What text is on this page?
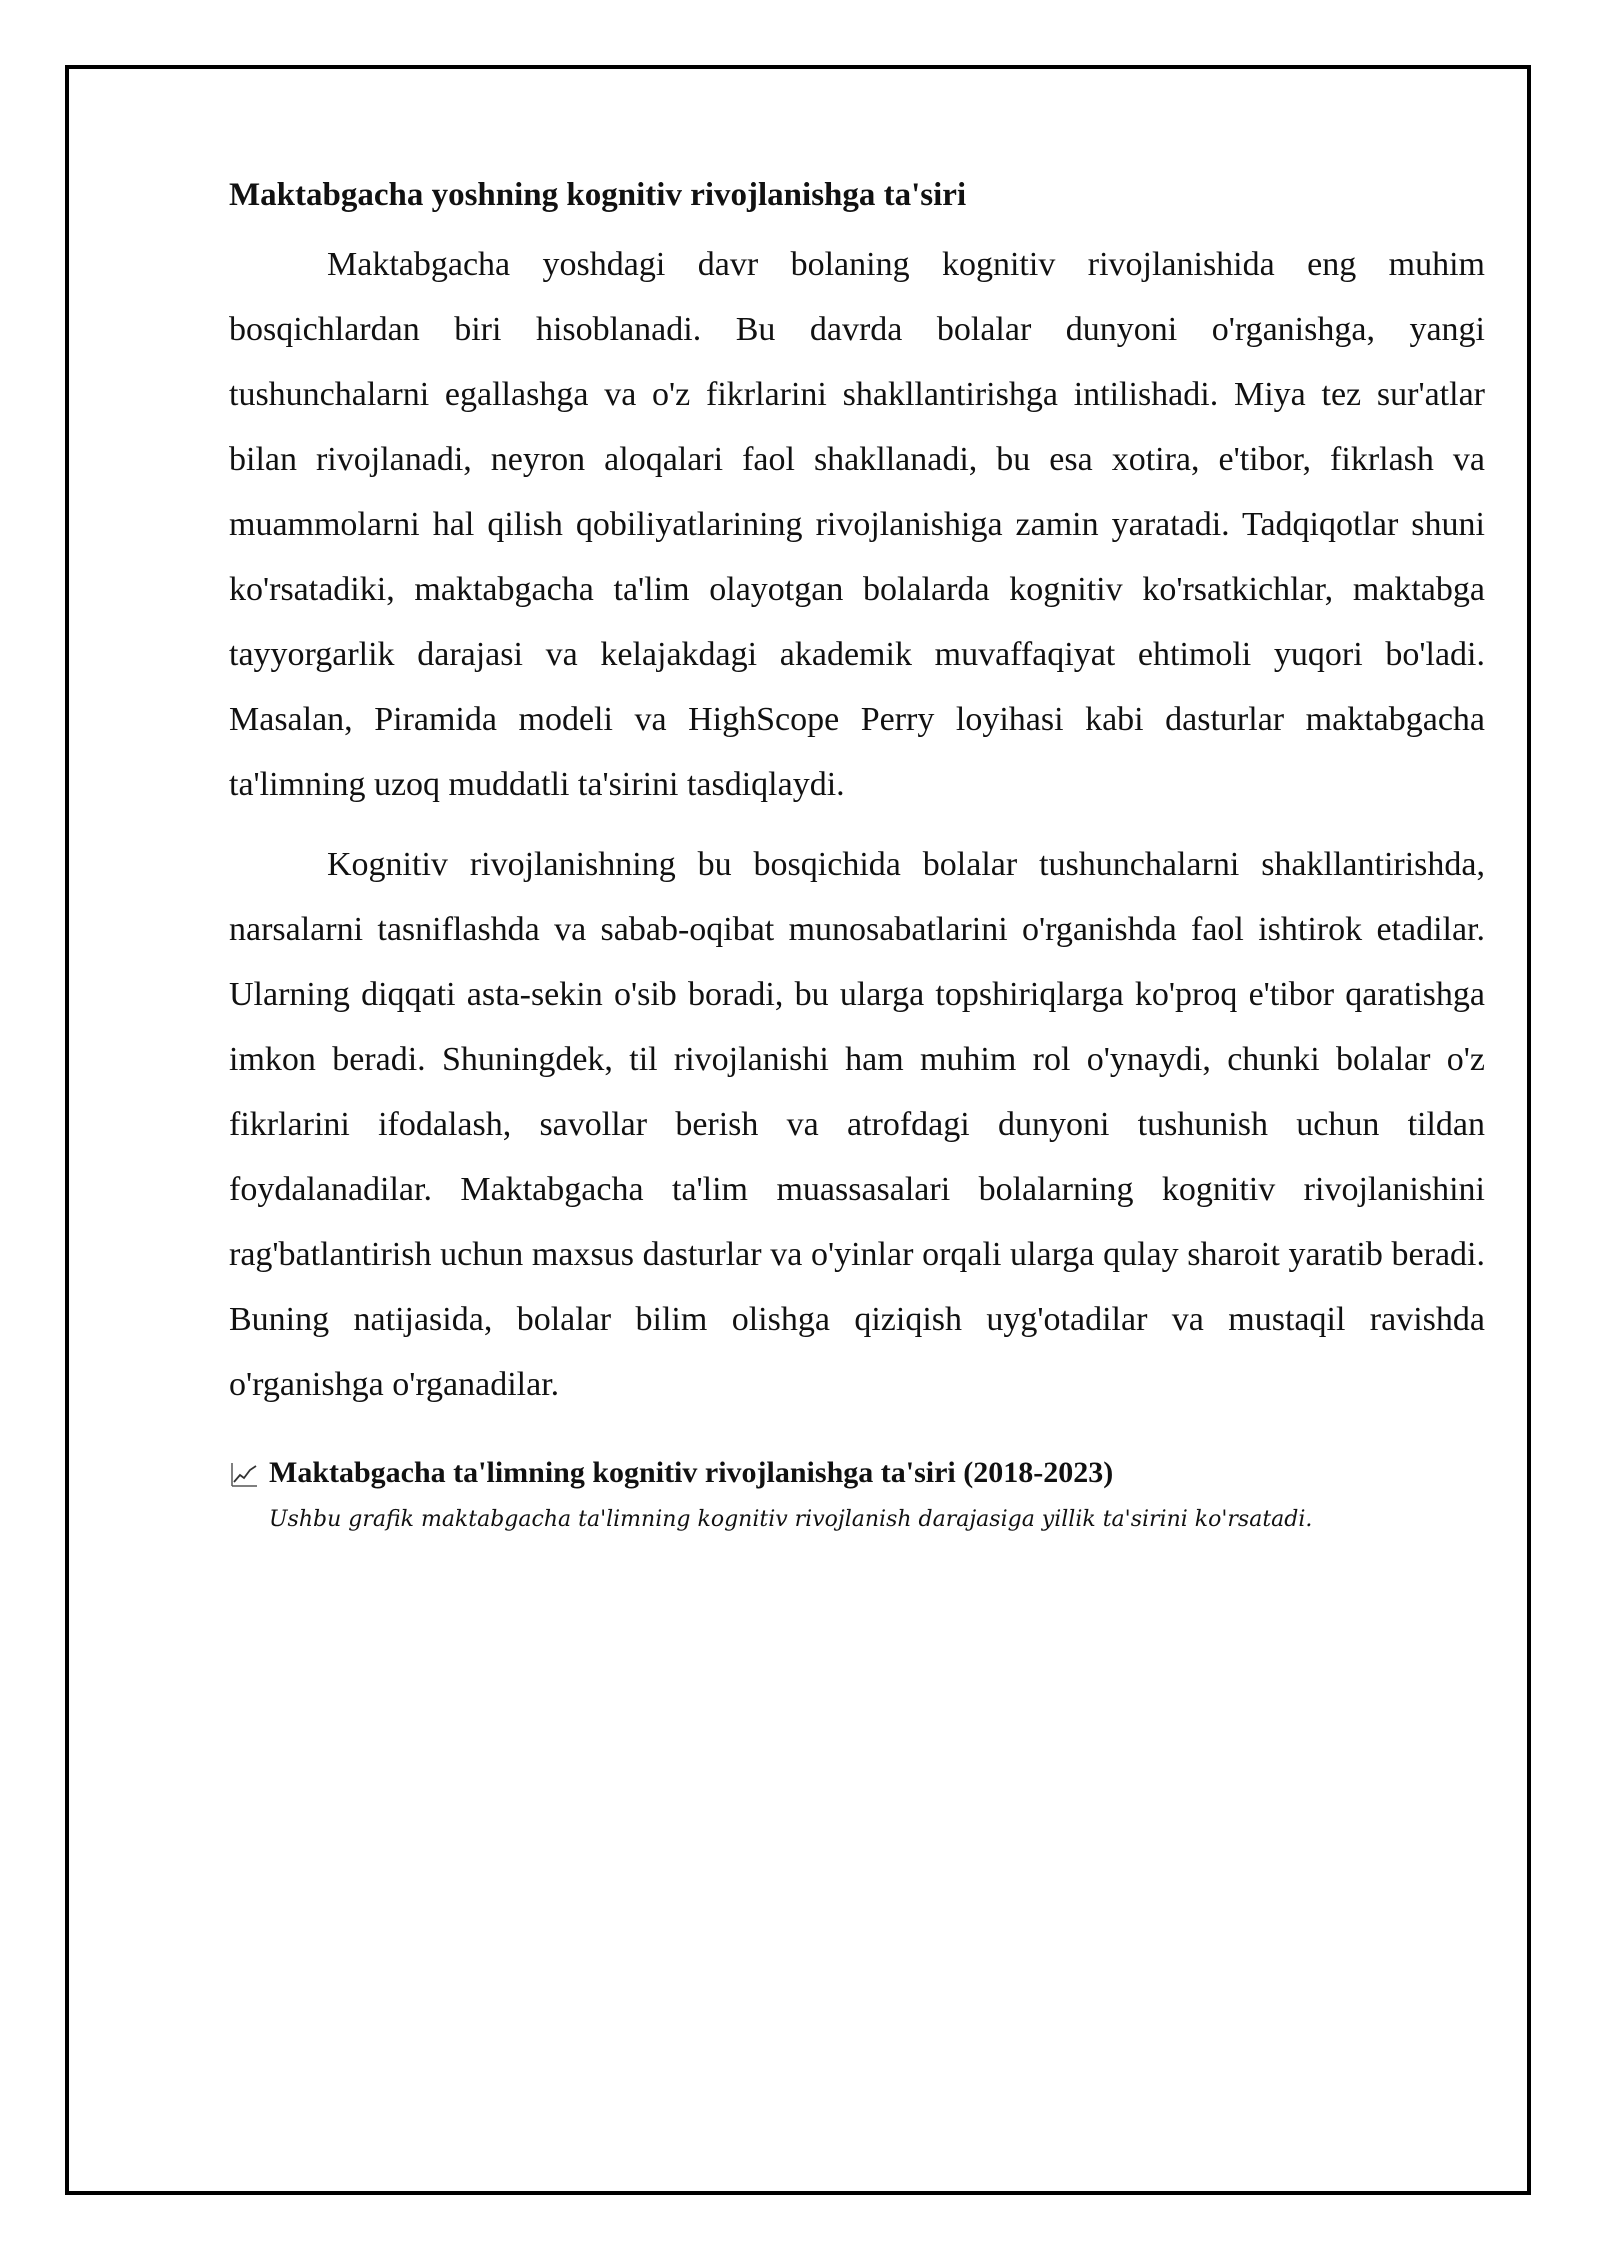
Maktabgacha yoshning kognitiv rivojlanishga ta'siri

Maktabgacha yoshdagi davr bolaning kognitiv rivojlanishida eng muhim bosqichlardan biri hisoblanadi. Bu davrda bolalar dunyoni o'rganishga, yangi tushunchalarni egallashga va o'z fikrlarini shakllantirishga intilishadi. Miya tez sur'atlar bilan rivojlanadi, neyron aloqalari faol shakllanadi, bu esa xotira, e'tibor, fikrlash va muammolarni hal qilish qobiliyatlarining rivojlanishiga zamin yaratadi. Tadqiqotlar shuni ko'rsatadiki, maktabgacha ta'lim olayotgan bolalarda kognitiv ko'rsatkichlar, maktabga tayyorgarlik darajasi va kelajakdagi akademik muvaffaqiyat ehtimoli yuqori bo'ladi. Masalan, Piramida modeli va HighScope Perry loyihasi kabi dasturlar maktabgacha ta'limning uzoq muddatli ta'sirini tasdiqlaydi.

Kognitiv rivojlanishning bu bosqichida bolalar tushunchalarni shakllantirishda, narsalarni tasniflashda va sabab-oqibat munosabatlarini o'rganishda faol ishtirok etadilar. Ularning diqqati asta-sekin o'sib boradi, bu ularga topshiriqlarga ko'proq e'tibor qaratishga imkon beradi. Shuningdek, til rivojlanishi ham muhim rol o'ynaydi, chunki bolalar o'z fikrlarini ifodalash, savollar berish va atrofdagi dunyoni tushunish uchun tildan foydalanadilar. Maktabgacha ta'lim muassasalari bolalarning kognitiv rivojlanishini rag'batlantirish uchun maxsus dasturlar va o'yinlar orqali ularga qulay sharoit yaratib beradi. Buning natijasida, bolalar bilim olishga qiziqish uyg'otadilar va mustaqil ravishda o'rganishga o'rganadilar.

Maktabgacha ta'limning kognitiv rivojlanishga ta'siri (2018-2023)
Ushbu grafik maktabgacha ta'limning kognitiv rivojlanish darajasiga yillik ta'sirini ko'rsatadi.
